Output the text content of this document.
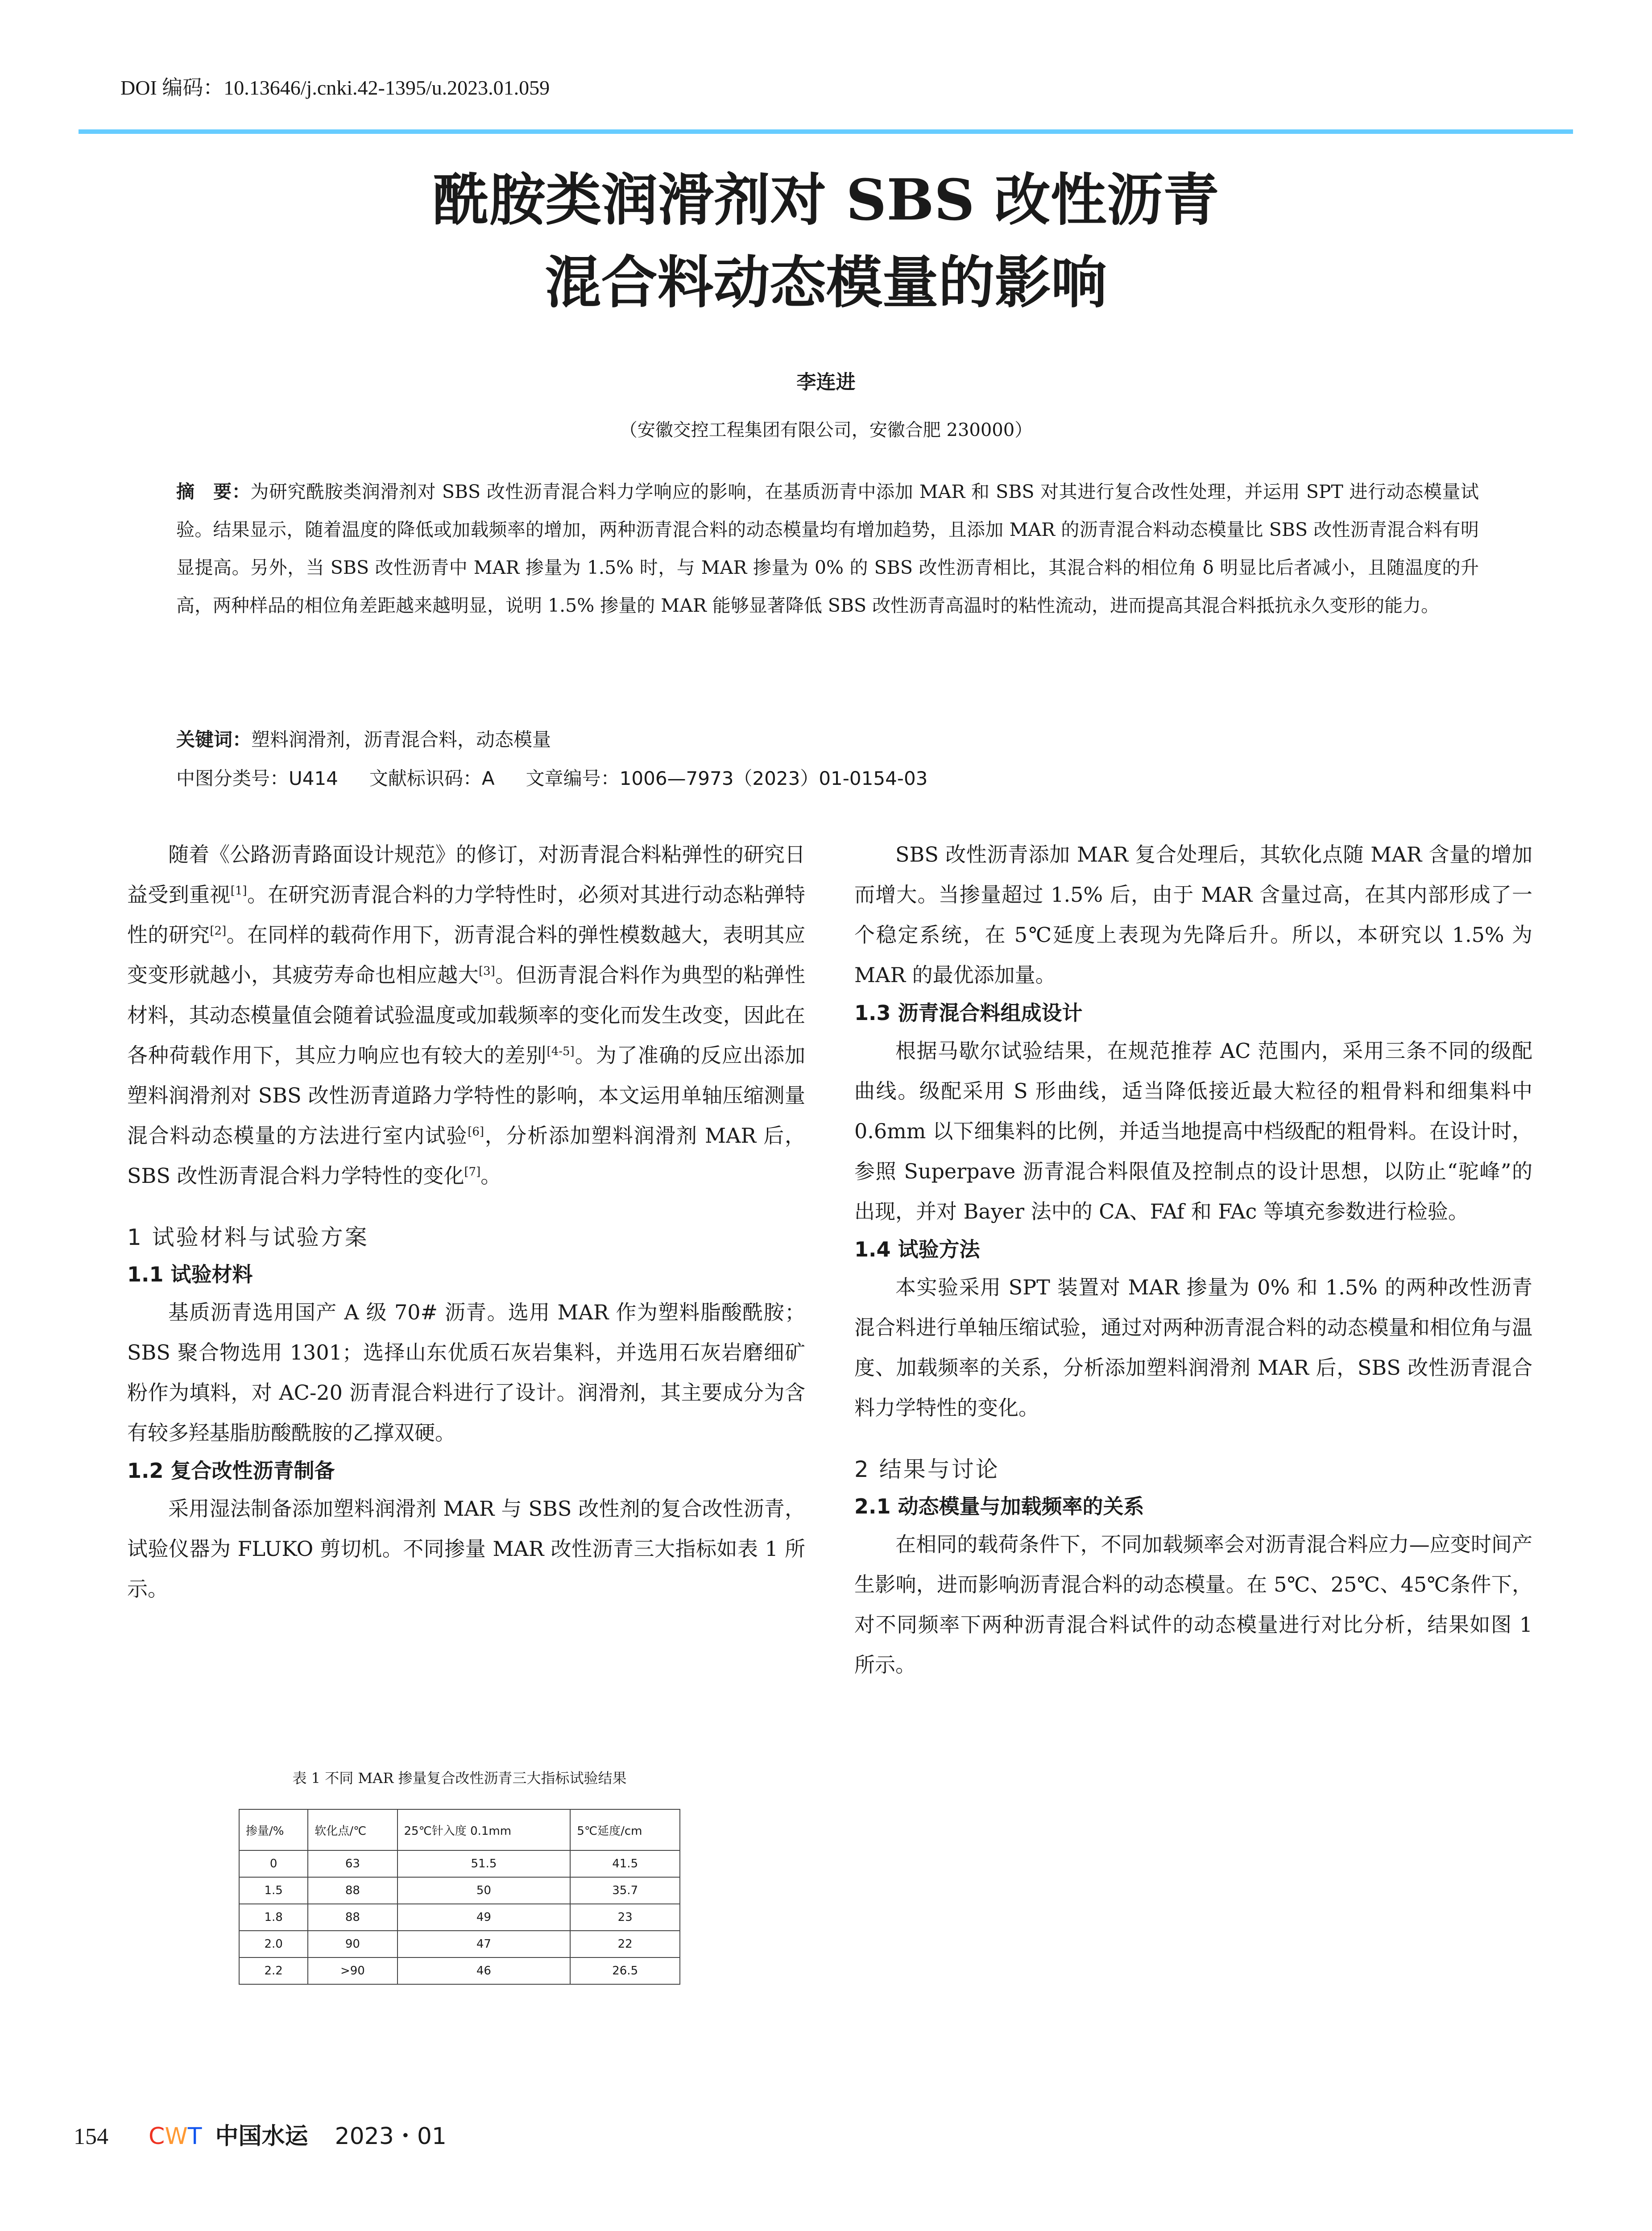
DOI 编码：10.13646/j.cnki.42-1395/u.2023.01.059
酰胺类润滑剂对 SBS 改性沥青
混合料动态模量的影响
李连进
（安徽交控工程集团有限公司，安徽合肥 230000）
摘　要：为研究酰胺类润滑剂对 SBS 改性沥青混合料力学响应的影响，在基质沥青中添加 MAR 和 SBS 对其进行复合改性处理，并运用 SPT 进行动态模量试验。结果显示，随着温度的降低或加载频率的增加，两种沥青混合料的动态模量均有增加趋势，且添加 MAR 的沥青混合料动态模量比 SBS 改性沥青混合料有明显提高。另外，当 SBS 改性沥青中 MAR 掺量为 1.5% 时，与 MAR 掺量为 0% 的 SBS 改性沥青相比，其混合料的相位角 δ 明显比后者减小，且随温度的升高，两种样品的相位角差距越来越明显，说明 1.5% 掺量的 MAR 能够显著降低 SBS 改性沥青高温时的粘性流动，进而提高其混合料抵抗永久变形的能力。
关键词：塑料润滑剂，沥青混合料，动态模量
中图分类号：U414 文献标识码：A 文章编号：1006—7973（2023）01-0154-03

随着《公路沥青路面设计规范》的修订，对沥青混合料粘弹性的研究日益受到重视[1]。在研究沥青混合料的力学特性时，必须对其进行动态粘弹特性的研究[2]。在同样的载荷作用下，沥青混合料的弹性模数越大，表明其应变变形就越小，其疲劳寿命也相应越大[3]。但沥青混合料作为典型的粘弹性材料，其动态模量值会随着试验温度或加载频率的变化而发生改变，因此在各种荷载作用下，其应力响应也有较大的差别[4-5]。为了准确的反应出添加塑料润滑剂对 SBS 改性沥青道路力学特性的影响，本文运用单轴压缩测量混合料动态模量的方法进行室内试验[6]，分析添加塑料润滑剂 MAR 后，SBS 改性沥青混合料力学特性的变化[7]。

1 试验材料与试验方案
1.1 试验材料

基质沥青选用国产 A 级 70# 沥青。选用 MAR 作为塑料脂酸酰胺；SBS 聚合物选用 1301；选择山东优质石灰岩集料，并选用石灰岩磨细矿粉作为填料，对 AC-20 沥青混合料进行了设计。润滑剂，其主要成分为含有较多羟基脂肪酸酰胺的乙撑双硬。

1.2 复合改性沥青制备

采用湿法制备添加塑料润滑剂 MAR 与 SBS 改性剂的复合改性沥青，试验仪器为 FLUKO 剪切机。不同掺量 MAR 改性沥青三大指标如表 1 所示。

表 1 不同 MAR 掺量复合改性沥青三大指标试验结果
掺量/%	软化点/℃	25℃针入度 0.1mm	5℃延度/cm
0	63	51.5	41.5
1.5	88	50	35.7
1.8	88	49	23
2.0	90	47	22
2.2	>90	46	26.5

SBS 改性沥青添加 MAR 复合处理后，其软化点随 MAR 含量的增加而增大。当掺量超过 1.5% 后，由于 MAR 含量过高，在其内部形成了一个稳定系统，在 5℃延度上表现为先降后升。所以，本研究以 1.5% 为 MAR 的最优添加量。

1.3 沥青混合料组成设计

根据马歇尔试验结果，在规范推荐 AC 范围内，采用三条不同的级配曲线。级配采用 S 形曲线，适当降低接近最大粒径的粗骨料和细集料中 0.6mm 以下细集料的比例，并适当地提高中档级配的粗骨料。在设计时，参照 Superpave 沥青混合料限值及控制点的设计思想，以防止“驼峰”的出现，并对 Bayer 法中的 CA、FAf 和 FAc 等填充参数进行检验。

1.4 试验方法

本实验采用 SPT 装置对 MAR 掺量为 0% 和 1.5% 的两种改性沥青混合料进行单轴压缩试验，通过对两种沥青混合料的动态模量和相位角与温度、加载频率的关系，分析添加塑料润滑剂 MAR 后，SBS 改性沥青混合料力学特性的变化。

2 结果与讨论
2.1 动态模量与加载频率的关系

在相同的载荷条件下，不同加载频率会对沥青混合料应力—应变时间产生影响，进而影响沥青混合料的动态模量。在 5℃、25℃、45℃条件下，对不同频率下两种沥青混合料试件的动态模量进行对比分析，结果如图 1 所示。

154 CWT 中国水运 2023・01
